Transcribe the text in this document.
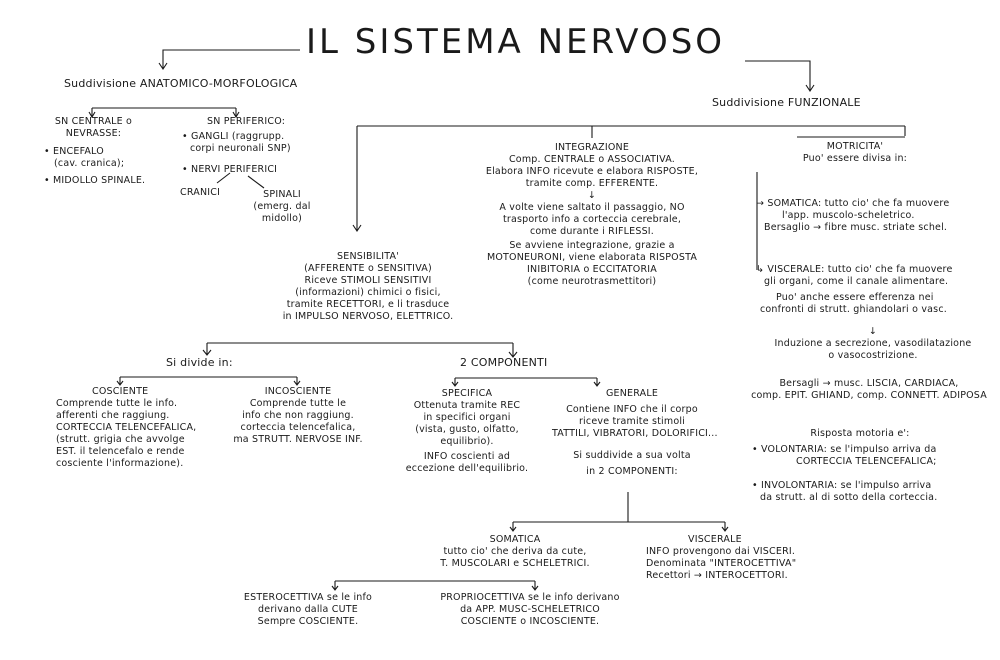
IL SISTEMA NERVOSO
Suddivisione ANATOMICO-MORFOLOGICA
SN CENTRALE o
NEVRASSE:
• ENCEFALO
(cav. cranica);
• MIDOLLO SPINALE.
SN PERIFERICO:
• GANGLI (raggrupp.
corpi neuronali SNP)
• NERVI PERIFERICI
CRANICI	SPINALI
(emerg. dal
midollo)
Suddivisione FUNZIONALE
INTEGRAZIONE
Comp. CENTRALE o ASSOCIATIVA.
Elabora INFO ricevute e elabora RISPOSTE,
tramite comp. EFFERENTE.
↓
A volte viene saltato il passaggio, NO
trasporto info a corteccia cerebrale,
come durante i RIFLESSI.
Se avviene integrazione, grazie a
MOTONEURONI, viene elaborata RISPOSTA
INIBITORIA o ECCITATORIA
(come neurotrasmettitori)
MOTRICITA'
Puo' essere divisa in:
→ SOMATICA: tutto cio' che fa muovere
l'app. muscolo-scheletrico.
Bersaglio → fibre musc. striate schel.
↳ VISCERALE: tutto cio' che fa muovere
gli organi, come il canale alimentare.
Puo' anche essere efferenza nei
confronti di strutt. ghiandolari o vasc.
↓
Induzione a secrezione, vasodilatazione
o vasocostrizione.
Bersagli → musc. LISCIA, CARDIACA,
comp. EPIT. GHIAND, comp. CONNETT. ADIPOSA
Risposta motoria e':
• VOLONTARIA: se l'impulso arriva da
CORTECCIA TELENCEFALICA;
• INVOLONTARIA: se l'impulso arriva
da strutt. al di sotto della corteccia.
SENSIBILITA'
(AFFERENTE o SENSITIVA)
Riceve STIMOLI SENSITIVI
(informazioni) chimici o fisici,
tramite RECETTORI, e li trasduce
in IMPULSO NERVOSO, ELETTRICO.
Si divide in:	2 COMPONENTI
COSCIENTE
Comprende tutte le info.
afferenti che raggiung.
CORTECCIA TELENCEFALICA,
(strutt. grigia che avvolge
EST. il telencefalo e rende
cosciente l'informazione).
INCOSCIENTE
Comprende tutte le
info che non raggiung.
corteccia telencefalica,
ma STRUTT. NERVOSE INF.
SPECIFICA
Ottenuta tramite REC
in specifici organi
(vista, gusto, olfatto,
equilibrio).
INFO coscienti ad
eccezione dell'equilibrio.
GENERALE
Contiene INFO che il corpo
riceve tramite stimoli
TATTILI, VIBRATORI, DOLORIFICI...
Si suddivide a sua volta
in 2 COMPONENTI:
SOMATICA
tutto cio' che deriva da cute,
T. MUSCOLARI e SCHELETRICI.
VISCERALE
INFO provengono dai VISCERI.
Denominata "INTEROCETTIVA"
Recettori → INTEROCETTORI.
ESTEROCETTIVA se le info
derivano dalla CUTE
Sempre COSCIENTE.
PROPRIOCETTIVA se le info derivano
da APP. MUSC-SCHELETRICO
COSCIENTE o INCOSCIENTE.
